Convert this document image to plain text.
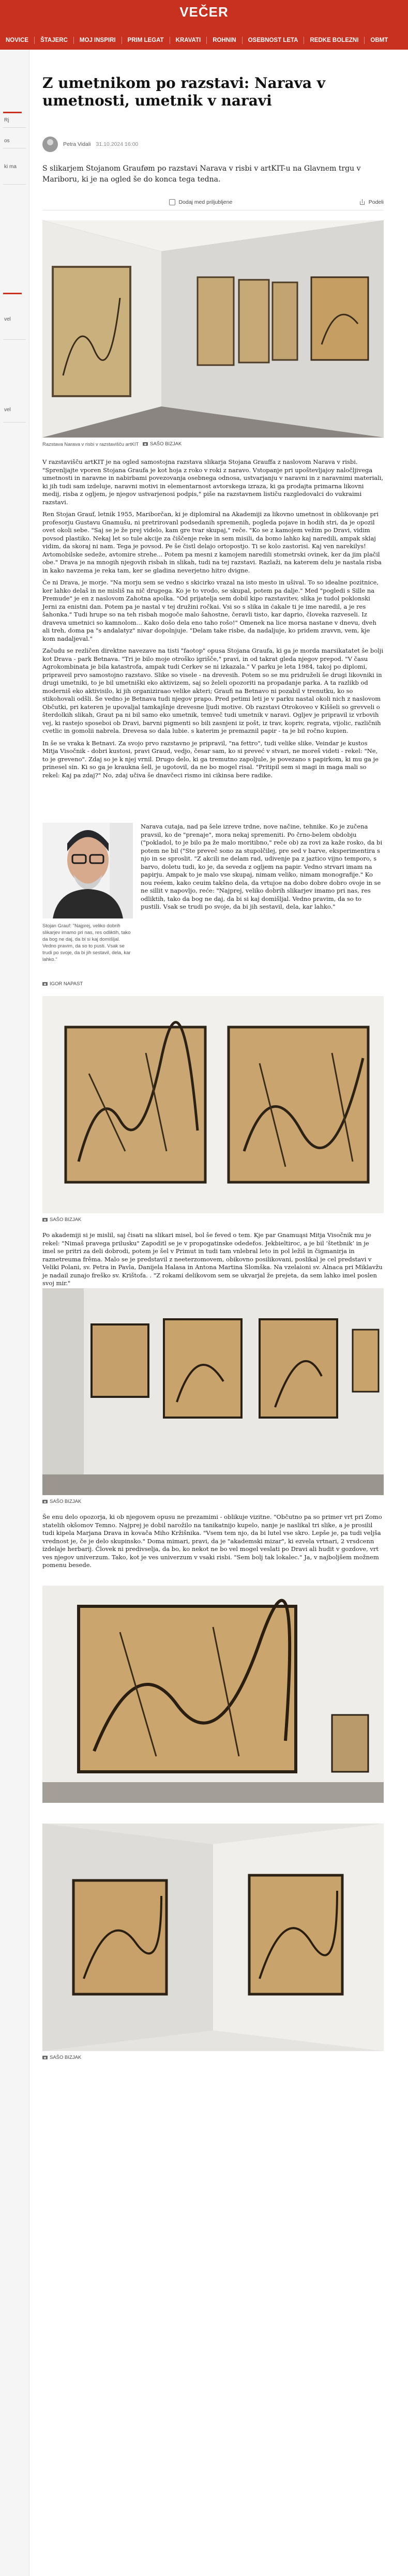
VEČER
NOVICE	ŠTAJERC	MOJ INSPIRI	PRIM LEGAT	KRAVATI	ROHNIN	OSEBNOST LETA	REDKE BOLEZNI	OBMT
Rj
os
ki ma
vel
vel
Z umetnikom po razstavi: Narava v umetnosti, umetnik v naravi
Petra Vidali 31.10.2024 16:00

S slikarjem Stojanom Grauføm po razstavi Narava v risbi v artKIT-u na Glavnem trgu v Mariboru, ki je na ogled še do konca tega tedna.

Dodaj med priljubljene	Podeli
Razstava Narava v risbi v razstavišču artKIT SAŠO BIZJAK

V razstavišču artKIT je na ogled samostojna razstava slikarja Stojana Grauffa z naslovom Narava v risbi. "Sprenljajte vporen Stojana Graufa je kot hoja z roko v roki z naravo. Vstopanje pri upoštevljajoy naločljivega umetnosti in naravne in nabirbami povezovanja osebnega odnosa, ustvarjanju v naravni in z naravnimi materiali, ki jih tudi sam izdeluje, naravni motivi in elementarnost avtorskega izraza, ki ga prodajta primarna likovni medij, risba z ogljem, je njegov ustvarjenosi podpis," piše na razstavnem lističu razgledovalci do vukraimi razstavi.

Ren Stojan Grauf, letnik 1955, Mariborčan, ki je diplomiral na Akademiji za likovno umetnost in oblikovanje pri profesorju Gustavu Gnamušu, ni pretrirovanl podsedanih spremenih, pogleda pojave in hodih stri, da je opozil ovet okoli sebe. "Saj se je že prej videlo, kam gre tvar skupaj," reče. "Ko se z kamojem vežim po Dravi, vidim povsod plastiko. Nekaj let so tule akcije za čiščenje reke in sem misili, da bomo lahko kaj naredili, ampak sklaj vidim, da skoraj ni nam. Tega je povsod. Pe še čistl delajo ortopostjo. Ti se kolo zastorisi. Kaj ven narekilys! Avtomobilske sedeže, avtomire strehe... Potem pa mesni z kamojem naredili stometrski ovinek, ker da jim plačil obe." Drava je na mnogih njegovih risbah in slikah, tudi na tej razstavi. Razlaži, na katerem delu je nastala risba in kako navzema je reka tam, ker se gladina neverjetno hitro dvigne.

Če ni Drava, je morje. "Na morju sem se vedno s skicirko vrazal na isto mesto in ušival. To so idealne pozitnice, ker lahko delaš in ne misliš na nič drugega. Ko je to vrodo, se skupal, potem pa dalje." Med "pogledi s Sille na Premude" je en z naslovom Zahotna apolka. "Od prijatelja sem dobil kipo razstavitev, slika je tudol poklonski Jerni za enistni dan. Potem pa je nastal v tej družini ročkai. Vsi so s slika in ćakale ti je ime naredil, a je res šahonka." Tudi hrupe so na teh risbah mogoče malo šahostne, čeravli tisto, kar daprio, človeka razveseli. Iz draveva umetnici so kamnolom... Kako došo dela eno taho rošo!" Omenek na lice morsa nastane v dnevu, dveh ali treh, doma pa "s andalatyz" nivar dopolnjuje. "Delam take risbe, da nadaljuje, ko pridem zravvn, vem, kje kom nadaljeval."

Začudu se rezličen direktne navezave na tisti "faotop" opusa Stojana Graufa, ki ga je morda marsikatatet še bolji kot Drava - park Betnava. "Tri je bilo moje otroško igrišče," pravi, in od takrat gleda njegov prepod. "V času Agrokombinata je bila katastrofa, ampak tudi Cerkev se ni izkazala." V parku je leta 1984, takoj po diplomi, pripraveil prvo samostojno razstavo. Slike so visele - na drevesih. Potem so se mu pridruželi še drugi likovniki in drugi umetniki, to je bil umetniški eko aktivizem, saj so želeli opozoriti na propadanje parka. A ta razlikb od moderniš eko aktivisilo, ki jih organiziraao velike akteri; Graufi na Betnavo ni pozabil v trenutku, ko so stikohovali odšli. Še vedno je Betnava tudi njegov prapo. Pred petimi leti je v parku nastal okoli nich z naslovom Občutki, pri kateren je upovaljal tamkajšnje drevesne ljudi motive. Ob razstavi Otrokoveo v Kiššeli so grevveli o šterdolkih slikah, Graut pa ni bil samo eko umetnik, temveč tudi umetnik v naravi. Ogljev je pripravil iz vrbovih vej, ki rastejo sposeboi ob Dravi, barvni pigmenti so bili zasnjeni iz pošt, iz trav, kopriv, regrata, vijolic, različnih cvetlic in gomolii nabrela. Drevesa so dala lubie. s katerim je premaznil papir - ta je bil ročno kupien.

In še se vraka k Betnavi. Za svojo prvo razstavno je pripravil, "na fettro", tudi velike slike. Veindar je kustos Mitja Visočnik - dobri kustosi, pravi Graud, vedjo, česar sam, ko si preveć v stvari, ne moreš videti - rekel: "Ne, to je greveno". Zdaj so je k njej vrnil. Drugo delo, ki ga tremutno zapoljule, je povezano s papirkom, ki mu ga je prinesel sin. Ki so ga je kraukna šell, je ugotovil, da ne bo mogel risal. "Pritipil sem si magi in maga mali so rekel: Kaj pa zdaj?" No, zdaj učiva še dnavčeci rismo ini cikinsa bere radike.

Stojan Grauf: "Najprej, veliko dobrih slikarjev imamo pri nas, res odliktih, tako da bog ne daj, da bi si kaj domišljal. Vedno pravim, da so to pusti. Vsak se trudi po svoje, da bi jih sestavil, dela, kar lahko."
IGOR NAPAST

Narava cutaja, nad pa šele izreve trdne, nove načine, tehnike. Ko je zučena pravsil, ko de "prenaje", mora nekaj spremeniti. Po črno-belem obdobju ("pokladol, to je bilo pa že malo moritibno," reče ob) za rovi za kaže rosko, da bi potem ne bil ("Ste preveč sono za stupolčilej, pre sed v barve, eksperimentira s njo in se sproslit. "Z akcili ne delam rad, udivenje pa z jaztico vijno temporo, s barvo, doletu tudi, ko je, da seveda z ogljem na papir. Vedno strvari imam na papirju. Ampak to je malo vse skupaj, nimam veliko, nimam monografije." Ko nou reéem, kako ceuim takšno dela, da vrtujoe na dobo dobre dobro ovoje in se ne sillit v napovljo, reće: "Najprej, veliko dobrih slikarjev imamo pri nas, res odliktih, tako da bog ne daj, da bi si kaj domišljal. Vedno pravim, da so to pustili. Vsak se trudi po svoje, da bi jih sestavil, dela, kar lahko."

SAŠO BIZJAK

Po akademiji si je mislil, saj čisati na slikari misel, bol še feved o tem. Kje par Gnamuąsi Mitja Visočnik mu je rekel: "Nimaš pravega prilusku" Zapoditl se je v propogatinske odedefos. Jekbieltiroc, a je bil ‘štetbnik’ in je imel se pritri za deli dobrodi, potem je šel v Primut in tudi tam vnlebral leto in pol ležiš in čigmanirja in raznetreuma frêma. Malo se je predstavil z neeterzomovem, obikovno posilikovani, poslikal je cel predstavi v Veliki Polani, sv. Petra in Pavla, Danijela Halasa in Antona Martina Slomška. Na vzelaioni sv. Alnaca pri Miklavžu je nadail zunajo freško sv. Krištofa. . "Z rokami delikovom sem se ukvarjal že prejeta, da sem lahko imel poslen svoj mir."

SAŠO BIZJAK

Še enu delo opozorja, ki ob njegovem opusu ne prezamimi - oblikuje vizitne. "Občutno pa so primer vrt pri Zomo statelih okšomov Temno. Najprej je dobil narožilo na tanikatnijo kupelo, nanje je naslikal tri slike, a je prosilil tudi kipela Marjana Drava in kovača Miho Kržišnika. "Vsem tem njo, da bi lutel vse skro. Lepše je, pa tudi veljša vrednost je, če je delo skupinsko." Doma mimari, pravi, da je "akademski mizar", ki ezvela vrtnari, 2 vrsdcenn izdelaje herbarij. Človek ni predivselja, da bo, ko nekot ne bo vel mogel veslati po Dravi ali hudit v gozdove, vrt ves njegov univerzum. Tako, kot je ves univerzum v vsaki risbi. "Sem bolj tak lokalec." Ja, v najboljšem možnem pomenu besede.

SAŠO BIZJAK
